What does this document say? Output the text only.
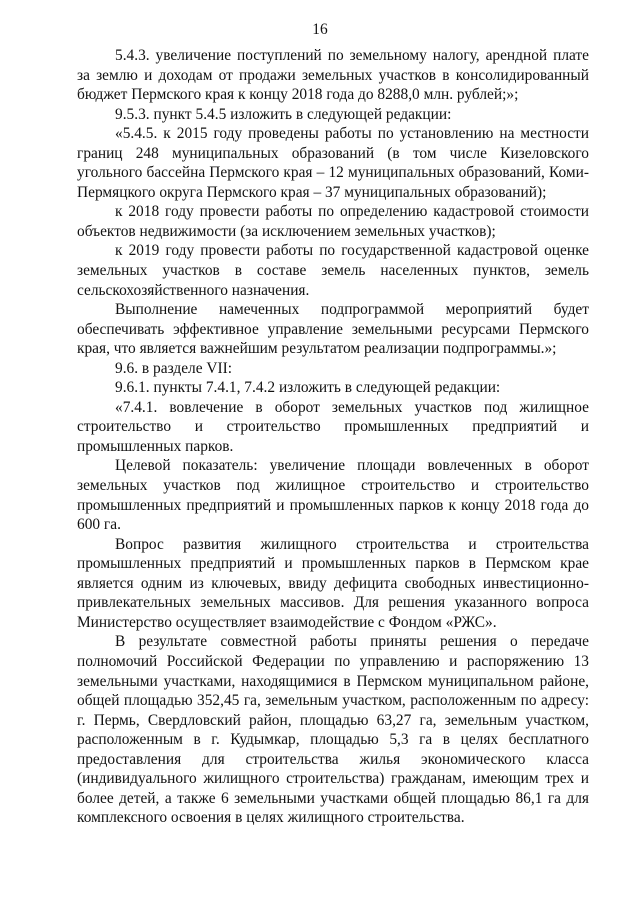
16

5.4.3. увеличение поступлений по земельному налогу, арендной плате за землю и доходам от продажи земельных участков в консолидированный бюджет Пермского края к концу 2018 года до 8288,0 млн. рублей;»;

9.5.3. пункт 5.4.5 изложить в следующей редакции:

«5.4.5. к 2015 году проведены работы по установлению на местности границ 248 муниципальных образований (в том числе Кизеловского угольного бассейна Пермского края – 12 муниципальных образований, Коми-Пермяцкого округа Пермского края – 37 муниципальных образований);

к 2018 году провести работы по определению кадастровой стоимости объектов недвижимости (за исключением земельных участков);

к 2019 году провести работы по государственной кадастровой оценке земельных участков в составе земель населенных пунктов, земель сельскохозяйственного назначения.

Выполнение намеченных подпрограммой мероприятий будет обеспечивать эффективное управление земельными ресурсами Пермского края, что является важнейшим результатом реализации подпрограммы.»;

9.6. в разделе VII:

9.6.1. пункты 7.4.1, 7.4.2 изложить в следующей редакции:

«7.4.1. вовлечение в оборот земельных участков под жилищное строительство и строительство промышленных предприятий и промышленных парков.

Целевой показатель: увеличение площади вовлеченных в оборот земельных участков под жилищное строительство и строительство промышленных предприятий и промышленных парков к концу 2018 года до 600 га.

Вопрос развития жилищного строительства и строительства промышленных предприятий и промышленных парков в Пермском крае является одним из ключевых, ввиду дефицита свободных инвестиционно-привлекательных земельных массивов. Для решения указанного вопроса Министерство осуществляет взаимодействие с Фондом «РЖС».

В результате совместной работы приняты решения о передаче полномочий Российской Федерации по управлению и распоряжению 13 земельными участками, находящимися в Пермском муниципальном районе, общей площадью 352,45 га, земельным участком, расположенным по адресу: г. Пермь, Свердловский район, площадью 63,27 га, земельным участком, расположенным в г. Кудымкар, площадью 5,3 га в целях бесплатного предоставления для строительства жилья экономического класса (индивидуального жилищного строительства) гражданам, имеющим трех и более детей, а также 6 земельными участками общей площадью 86,1 га для комплексного освоения в целях жилищного строительства.
